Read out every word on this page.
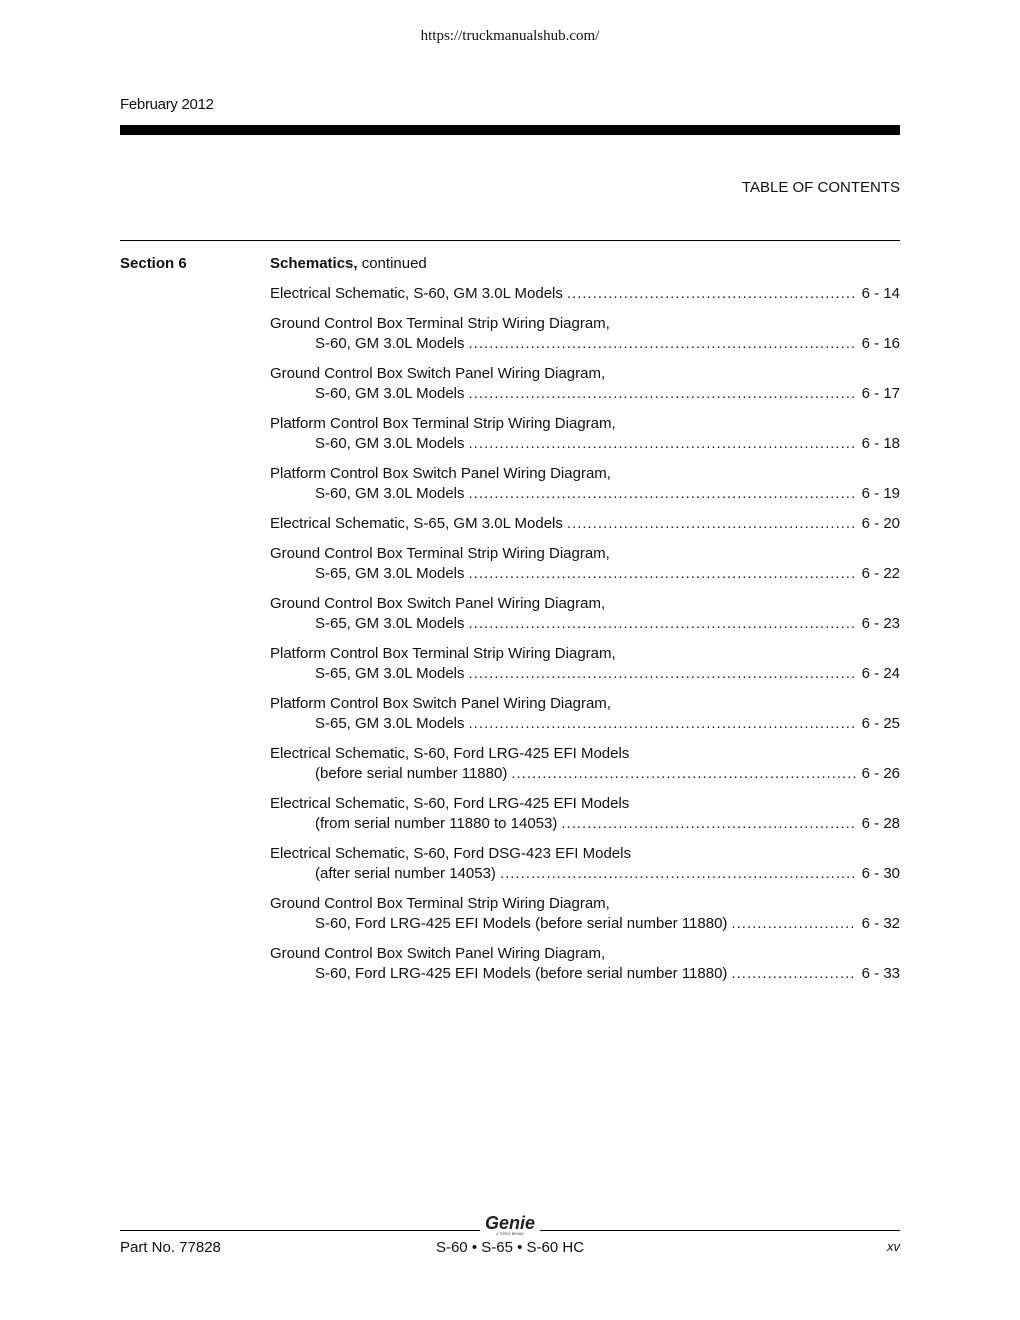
https://truckmanualshub.com/
February 2012
TABLE OF CONTENTS
Section 6	Schematics, continued
Electrical Schematic, S-60, GM 3.0L Models .....	6 - 14
Ground Control Box Terminal Strip Wiring Diagram,
S-60, GM 3.0L Models .....	6 - 16
Ground Control Box Switch Panel Wiring Diagram,
S-60, GM 3.0L Models .....	6 - 17
Platform Control Box Terminal Strip Wiring Diagram,
S-60, GM 3.0L Models .....	6 - 18
Platform Control Box Switch Panel Wiring Diagram,
S-60, GM 3.0L Models .....	6 - 19
Electrical Schematic, S-65, GM 3.0L Models .....	6 - 20
Ground Control Box Terminal Strip Wiring Diagram,
S-65, GM 3.0L Models .....	6 - 22
Ground Control Box Switch Panel Wiring Diagram,
S-65, GM 3.0L Models .....	6 - 23
Platform Control Box Terminal Strip Wiring Diagram,
S-65, GM 3.0L Models .....	6 - 24
Platform Control Box Switch Panel Wiring Diagram,
S-65, GM 3.0L Models .....	6 - 25
Electrical Schematic, S-60, Ford LRG-425 EFI Models
(before serial number 11880) .....	6 - 26
Electrical Schematic, S-60, Ford LRG-425 EFI Models
(from serial number 11880 to 14053) .....	6 - 28
Electrical Schematic, S-60, Ford DSG-423 EFI Models
(after serial number 14053) .....	6 - 30
Ground Control Box Terminal Strip Wiring Diagram,
S-60, Ford LRG-425 EFI Models (before serial number 11880) .....	6 - 32
Ground Control Box Switch Panel Wiring Diagram,
S-60, Ford LRG-425 EFI Models (before serial number 11880) .....	6 - 33
Genie
A TEREX BRAND
Part No. 77828	S-60 • S-65 • S-60 HC	xv
